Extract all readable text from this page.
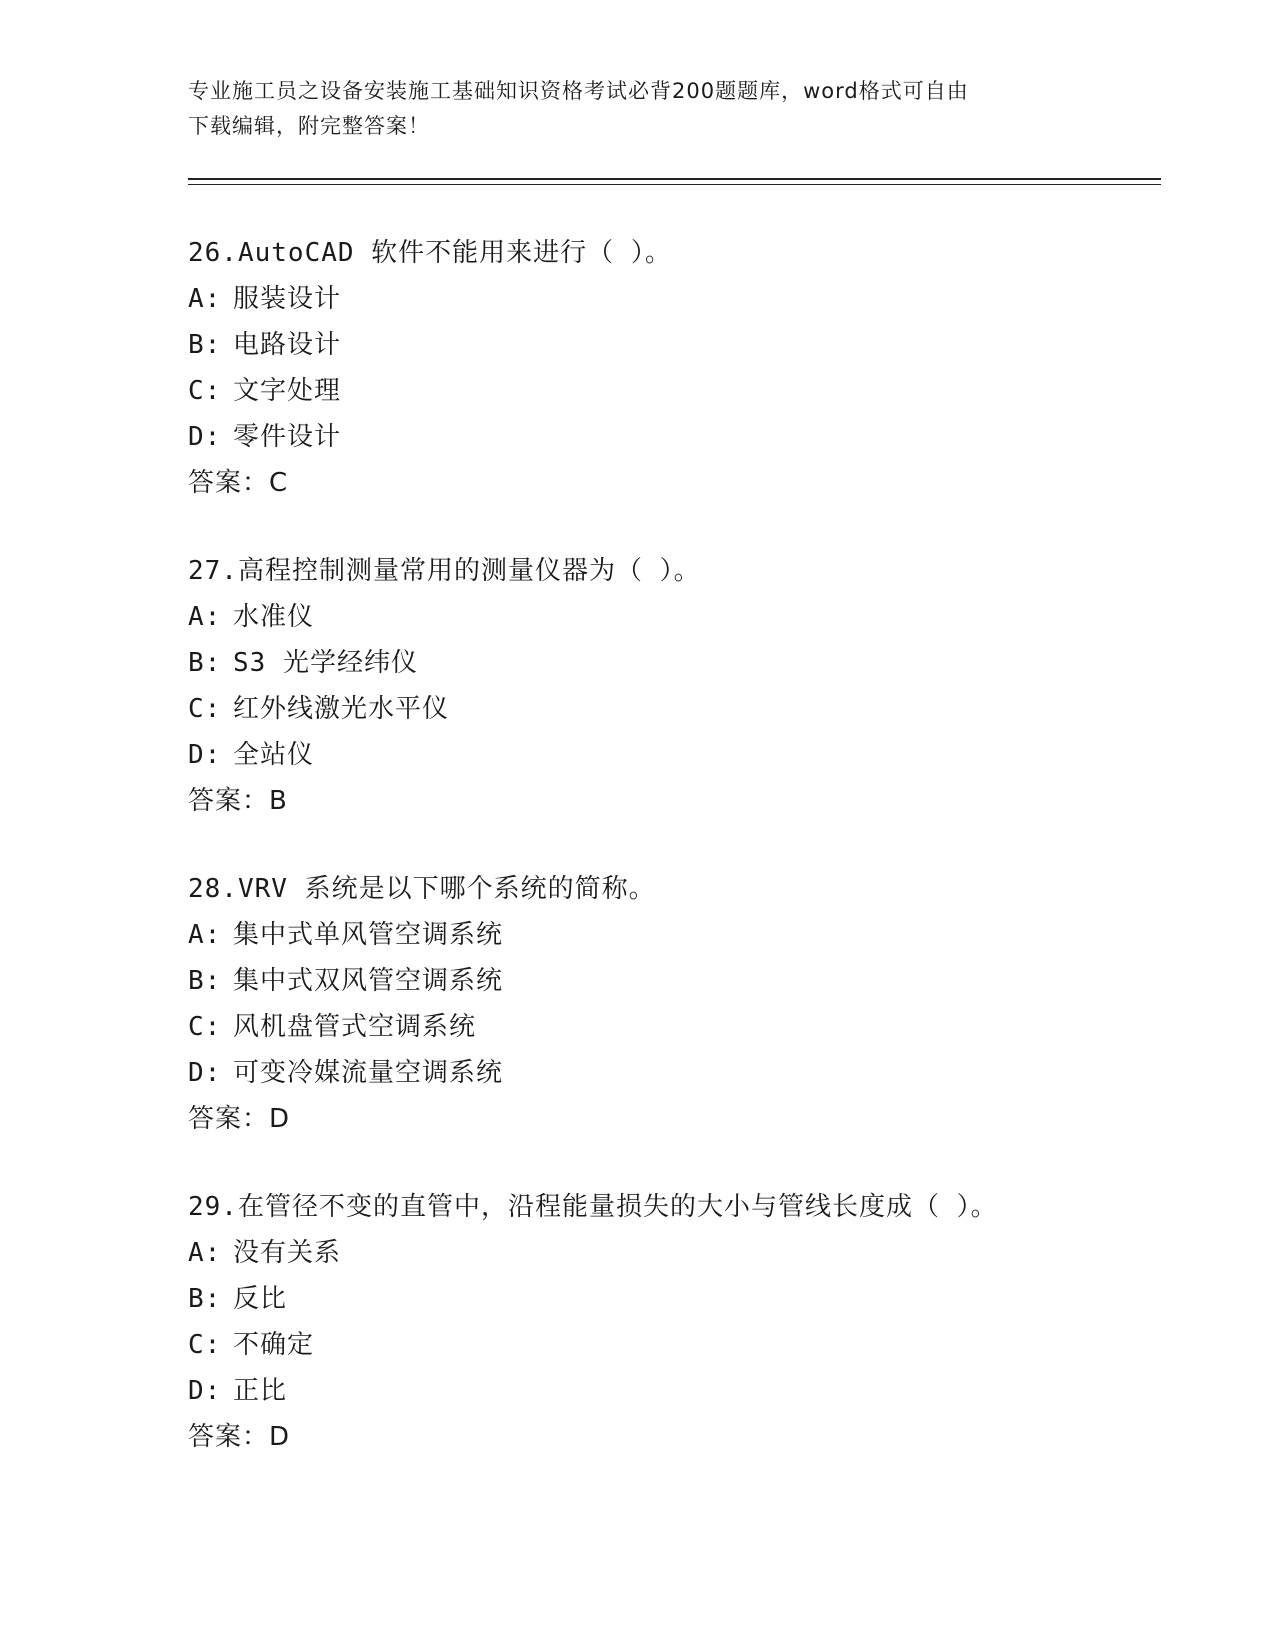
专业施工员之设备安装施工基础知识资格考试必背200题题库，word格式可自由
下载编辑，附完整答案！
26.AutoCAD 软件不能用来进行（ ）。
A: 服装设计
B: 电路设计
C: 文字处理
D: 零件设计
答案：C
27.高程控制测量常用的测量仪器为（ ）。
A: 水准仪
B: S3 光学经纬仪
C: 红外线激光水平仪
D: 全站仪
答案：B
28.VRV 系统是以下哪个系统的简称。
A: 集中式单风管空调系统
B: 集中式双风管空调系统
C: 风机盘管式空调系统
D: 可变冷媒流量空调系统
答案：D
29.在管径不变的直管中，沿程能量损失的大小与管线长度成（ ）。
A: 没有关系
B: 反比
C: 不确定
D: 正比
答案：D
